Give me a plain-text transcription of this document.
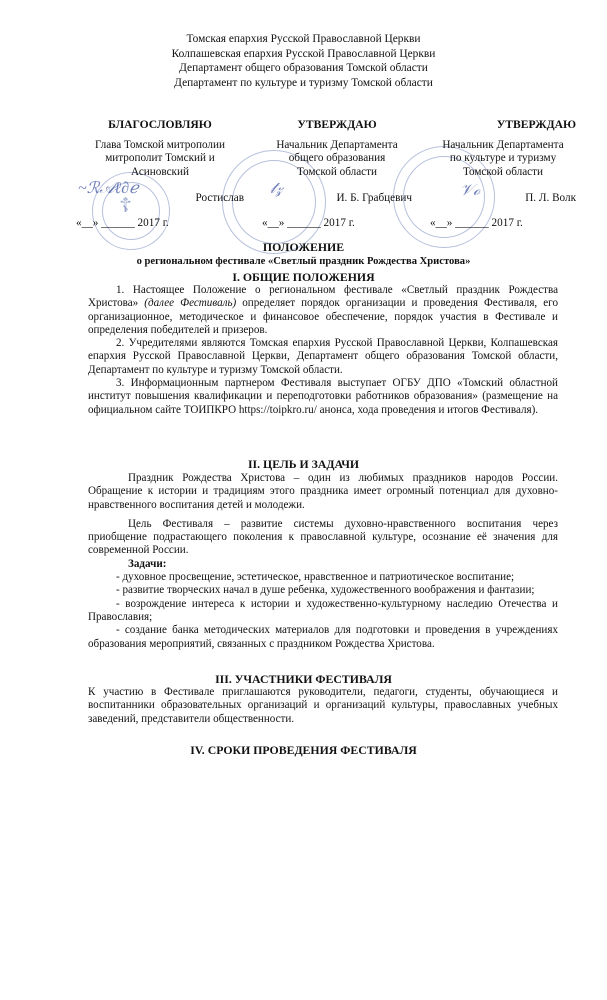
Томская епархия Русской Православной Церкви
Колпашевская епархия Русской Православной Церкви
Департамент общего образования Томской области
Департамент по культуре и туризму Томской области
☦
~ℛ𝒜ℓ∂ℯ	𝓉𝓏	𝒱ℴ
БЛАГОСЛОВЛЯЮ
Глава Томской митрополии
митрополит Томский и
Асиновский
Ростислав
«__» ______ 2017 г.
УТВЕРЖДАЮ
Начальник Департамента
общего образования
Томской области
И. Б. Грабцевич
«__» ______ 2017 г.
УТВЕРЖДАЮ
Начальник Департамента
по культуре и туризму
Томской области
П. Л. Волк
«__» ______ 2017 г.
ПОЛОЖЕНИЕ
о региональном фестивале «Светлый праздник Рождества Христова»
I. ОБЩИЕ ПОЛОЖЕНИЯ

1. Настоящее Положение о региональном фестивале «Светлый праздник Рождества Христова» (далее Фестиваль) определяет порядок организации и проведения Фестиваля, его организационное, методическое и финансовое обеспечение, порядок участия в Фестивале и определения победителей и призеров.

2. Учредителями являются Томская епархия Русской Православной Церкви, Колпашевская епархия Русской Православной Церкви, Департамент общего образования Томской области, Департамент по культуре и туризму Томской области.

3. Информационным партнером Фестиваля выступает ОГБУ ДПО «Томский областной институт повышения квалификации и переподготовки работников образования» (размещение на официальном сайте ТОИПКРО https://toipkro.ru/ анонса, хода проведения и итогов Фестиваля).

II. ЦЕЛЬ И ЗАДАЧИ

Праздник Рождества Христова – один из любимых праздников народов России. Обращение к истории и традициям этого праздника имеет огромный потенциал для духовно-нравственного воспитания детей и молодежи.

Цель Фестиваля – развитие системы духовно-нравственного воспитания через приобщение подрастающего поколения к православной культуре, осознание её значения для современной России.

Задачи:

- духовное просвещение, эстетическое, нравственное и патриотическое воспитание;

- развитие творческих начал в душе ребенка, художественного воображения и фантазии;

- возрождение интереса к истории и художественно-культурному наследию Отечества и Православия;

- создание банка методических материалов для подготовки и проведения в учреждениях образования мероприятий, связанных с праздником Рождества Христова.

III. УЧАСТНИКИ ФЕСТИВАЛЯ

К участию в Фестивале приглашаются руководители, педагоги, студенты, обучающиеся и воспитанники образовательных организаций и организаций культуры, православных учебных заведений, представители общественности.

IV. СРОКИ ПРОВЕДЕНИЯ ФЕСТИВАЛЯ
